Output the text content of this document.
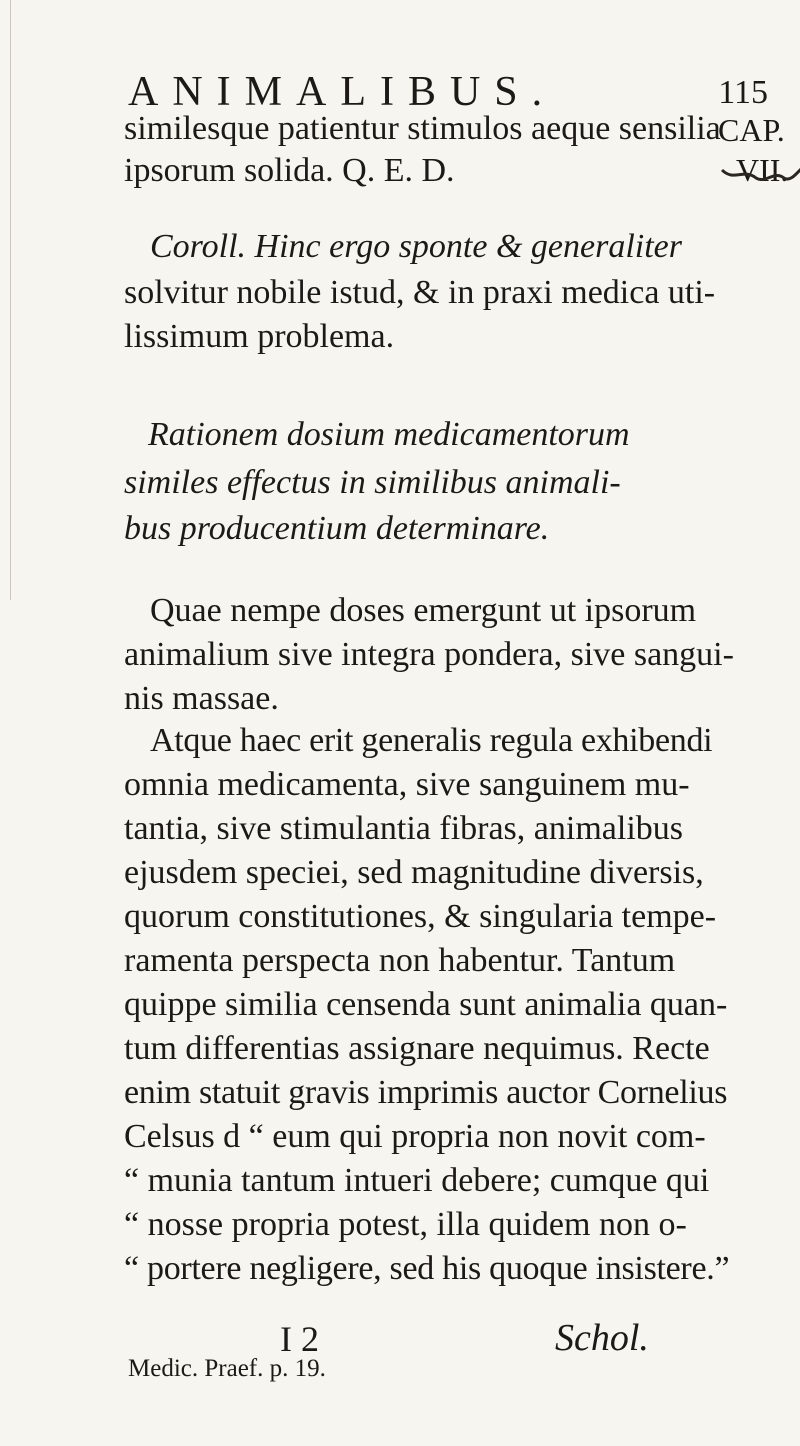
ANIMALIBUS.	115
CAP.
VII.
similesque patientur stimulos aeque sensilia
ipsorum solida. Q. E. D.
Coroll. Hinc ergo sponte & generaliter
solvitur nobile istud, & in praxi medica uti-
lissimum problema.
Rationem dosium medicamentorum
similes effectus in similibus animali-
bus producentium determinare.
Quae nempe doses emergunt ut ipsorum
animalium sive integra pondera, sive sangui-
nis massae.
Atque haec erit generalis regula exhibendi
omnia medicamenta, sive sanguinem mu-
tantia, sive stimulantia fibras, animalibus
ejusdem speciei, sed magnitudine diversis,
quorum constitutiones, & singularia tempe-
ramenta perspecta non habentur. Tantum
quippe similia censenda sunt animalia quan-
tum differentias assignare nequimus. Recte
enim statuit gravis imprimis auctor Cornelius
Celsus d “ eum qui propria non novit com-
“ munia tantum intueri debere; cumque qui
“ nosse propria potest, illa quidem non o-
“ portere negligere, sed his quoque insistere.”
I 2	Schol.
Medic. Praef. p. 19.
